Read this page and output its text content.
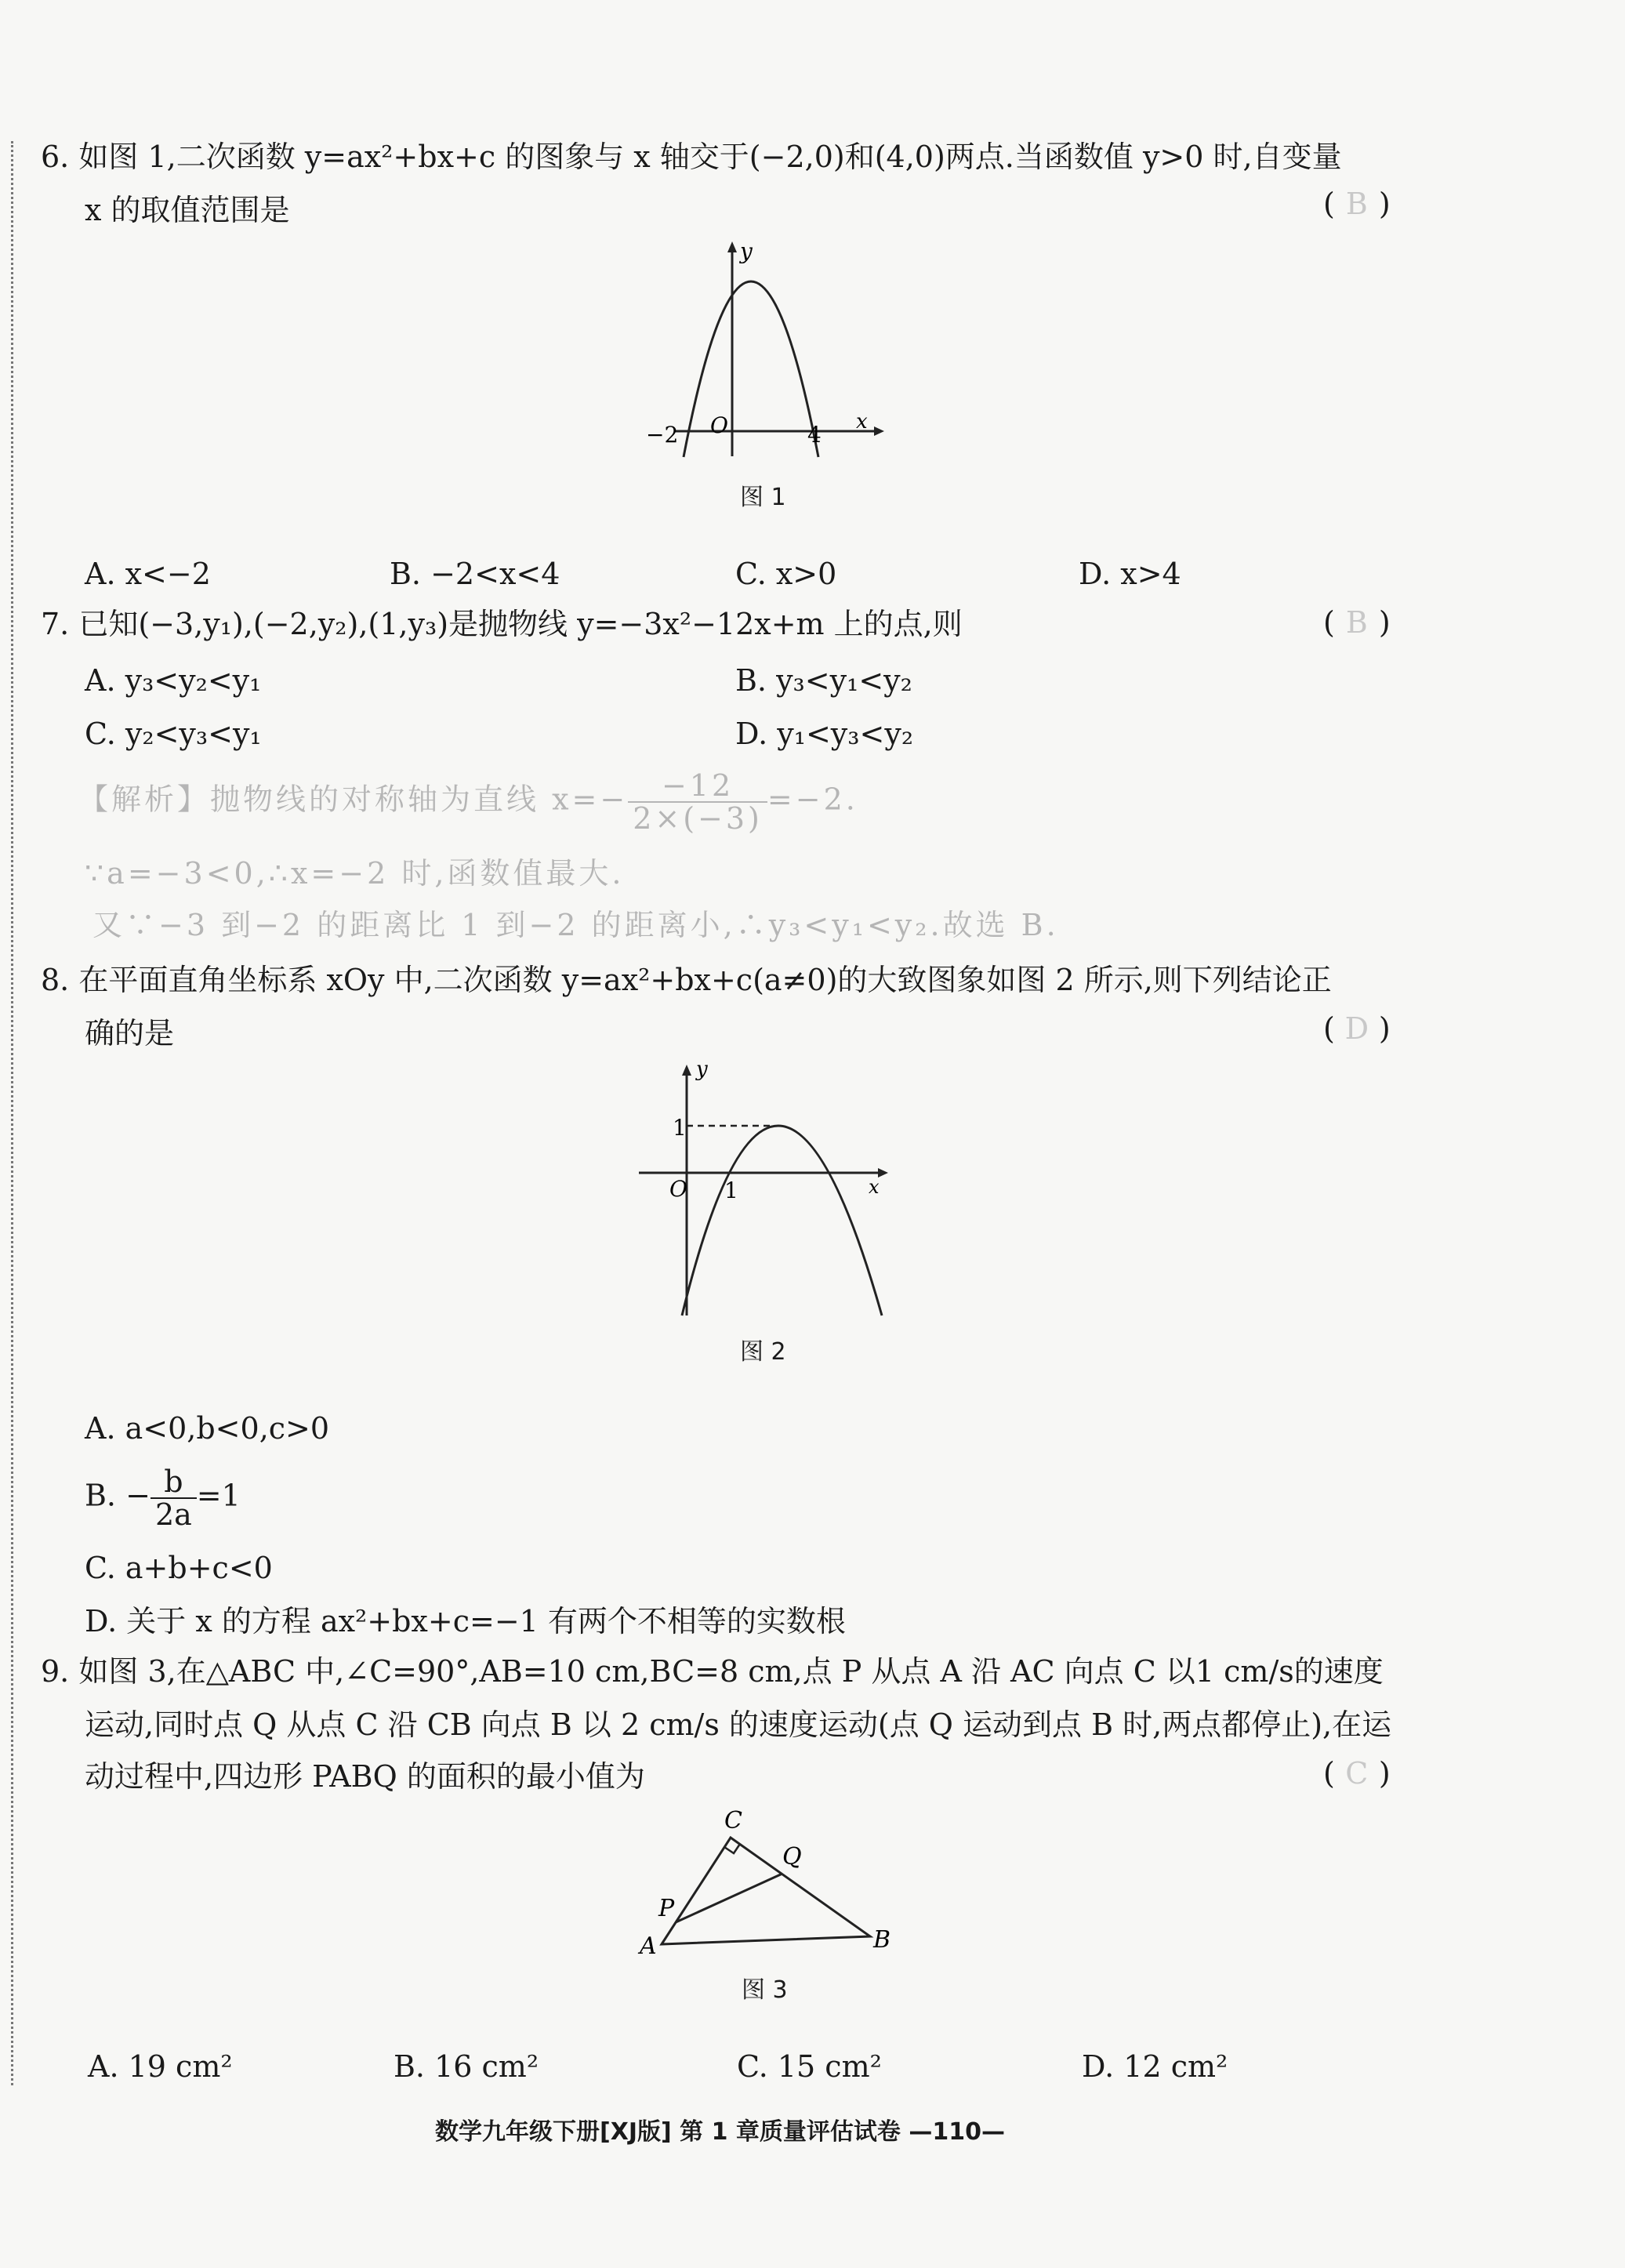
6. 如图 1,二次函数 y=ax²+bx+c 的图象与 x 轴交于(−2,0)和(4,0)两点.当函数值 y>0 时,自变量
x 的取值范围是	( B )
y
x
O
−2	4
图 1
A. x<−2	B. −2<x<4	C. x>0	D. x>4
7. 已知(−3,y₁),(−2,y₂),(1,y₃)是抛物线 y=−3x²−12x+m 上的点,则	( B )
A. y₃<y₂<y₁	B. y₃<y₁<y₂
C. y₂<y₃<y₁	D. y₁<y₃<y₂
【解析】抛物线的对称轴为直线 $x=- \frac{-12}{2\times(-3)} =-2$.
∵a=−3<0,∴x=−2 时,函数值最大.
又∵−3 到−2 的距离比 1 到−2 的距离小,∴y₃<y₁<y₂.故选 B.
8. 在平面直角坐标系 xOy 中,二次函数 y=ax²+bx+c(a≠0)的大致图象如图 2 所示,则下列结论正
确的是	( D )
y
x
O
1
1
图 2
A. a<0,b<0,c>0
B. − $\frac{b}{2a} =1$
C. a+b+c<0
D. 关于 x 的方程 ax²+bx+c=−1 有两个不相等的实数根
9. 如图 3,在△ABC 中,∠C=90°,AB=10 cm,BC=8 cm,点 P 从点 A 沿 AC 向点 C 以1 cm/s的速度
运动,同时点 Q 从点 C 沿 CB 向点 B 以 2 cm/s 的速度运动(点 Q 运动到点 B 时,两点都停止),在运
动过程中,四边形 PABQ 的面积的最小值为	( C )
C
Q
P
A	B
图 3
A. 19 cm²	B. 16 cm²	C. 15 cm²	D. 12 cm²
数学九年级下册[XJ版] 第 1 章质量评估试卷 —110—
